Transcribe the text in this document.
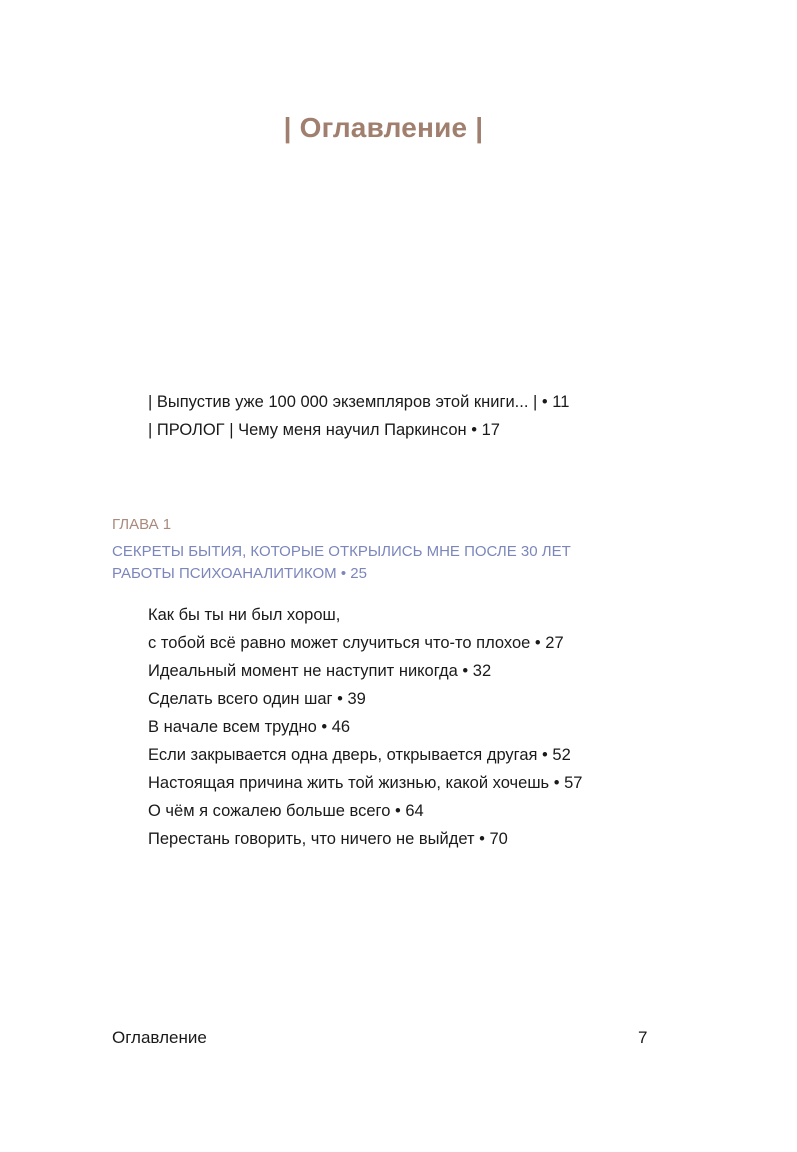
| Оглавление |
| Выпустив уже 100 000 экземпляров этой книги... | • 11
| ПРОЛОГ | Чему меня научил Паркинсон • 17

ГЛАВА 1

СЕКРЕТЫ БЫТИЯ, КОТОРЫЕ ОТКРЫЛИСЬ МНЕ ПОСЛЕ 30 ЛЕТ
РАБОТЫ ПСИХОАНАЛИТИКОМ • 25
Как бы ты ни был хорош,
с тобой всё равно может случиться что-то плохое • 27
Идеальный момент не наступит никогда • 32
Сделать всего один шаг • 39
В начале всем трудно • 46
Если закрывается одна дверь, открывается другая • 52
Настоящая причина жить той жизнью, какой хочешь • 57
О чём я сожалею больше всего • 64
Перестань говорить, что ничего не выйдет • 70

Оглавление	7
